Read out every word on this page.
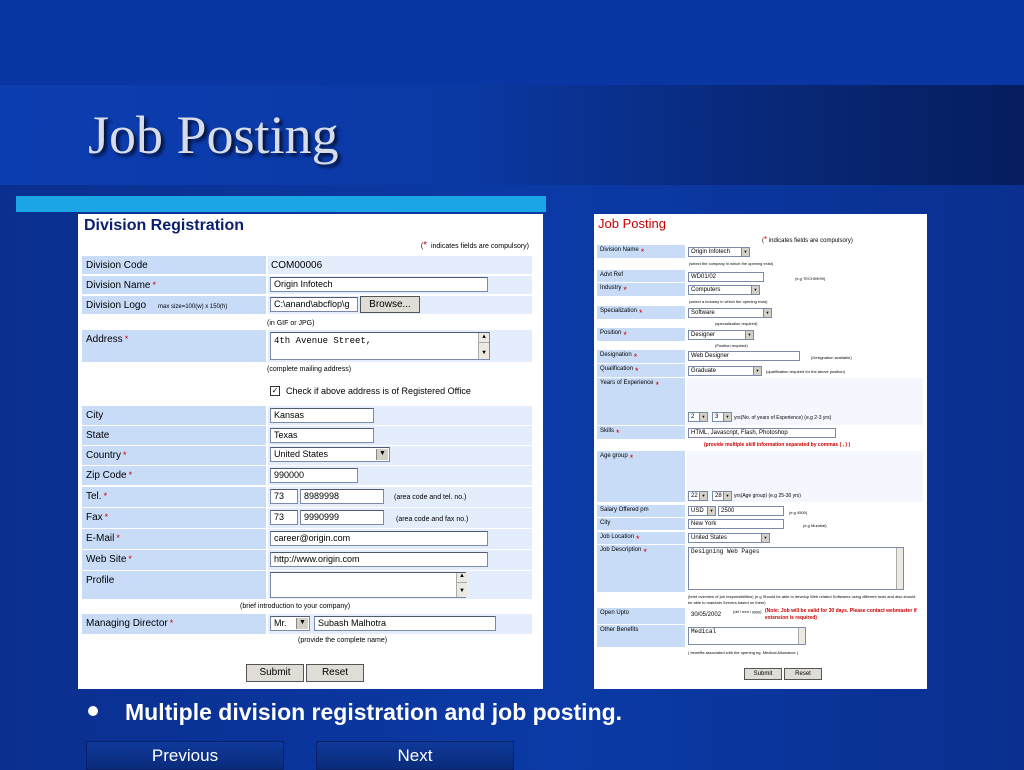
Job Posting
Division Registration
(* indicates fields are compulsory)
Division Code	COM00006
Division Name *	Origin Infotech
Division Logo max size=100(w) x 150(h)	C:\anand\abcflop\g	Browse...
(in GIF or JPG)
Address *	4th Avenue Street,	▲
▼
(complete mailing address)
✓ Check if above address is of Registered Office
City	Kansas
State	Texas
Country *	United States	▼
Zip Code *	990000
Tel. *	73	8989998	(area code and tel. no.)
Fax *	73	9990999	(area code and fax no.)
E-Mail *	career@origin.com
Web Site *	http://www.origin.com
Profile	▲
▼
(brief introduction to your company)
Managing Director *	Mr.	▼	Subash Malhotra
(provide the complete name)
Submit	Reset
Job Posting
(* indicates fields are compulsory)
Division Name *	Origin Infotech	▼
(select the company in which the opening exist)
Advt Ref	WD01/02	(e.g TECH09/99)
Industry *	Computers	▼
(select a industry in which the opening exist)
Specialization *	Software	▼
(specialization required)
Position *	Designer	▼
(Position required)
Designation *	Web Designer	(Designation available)
Qualification *	Graduate	▼	(qualification required for the above position)
Years of Experience *
2	▼	3	▼ yrs(No. of years of Experience) (e.g 2-3 yrs)
Skills *	HTML, Javascript, Flash, Photoshop
(provide multiple skill information separated by commas ( , ) )
Age group *
22 ▼	28 ▼ yrs(Age group) (e.g 25-30 yrs)
Salary Offered pm	USD	▼	2500	(e.g 4500)
City	New York	(e.g Mumbai)
Job Location *	United States	▼
Job Description *	Designing Web Pages
(brief overview of job responsibilities) (e.g Should be able to develop Web related Softwares using different tools and also should be able to maintain Servers based on them)
Open Upto	30/05/2002
(dd / mm / yyyy) (Note: Job will be valid for 30 days. Please contact webmaster if extension is required)
Other Benefits	Medical
( benefits associated with the opening eg. Medical Allowance )
Submit	Reset
Multiple division registration and job posting.
Previous	Next
